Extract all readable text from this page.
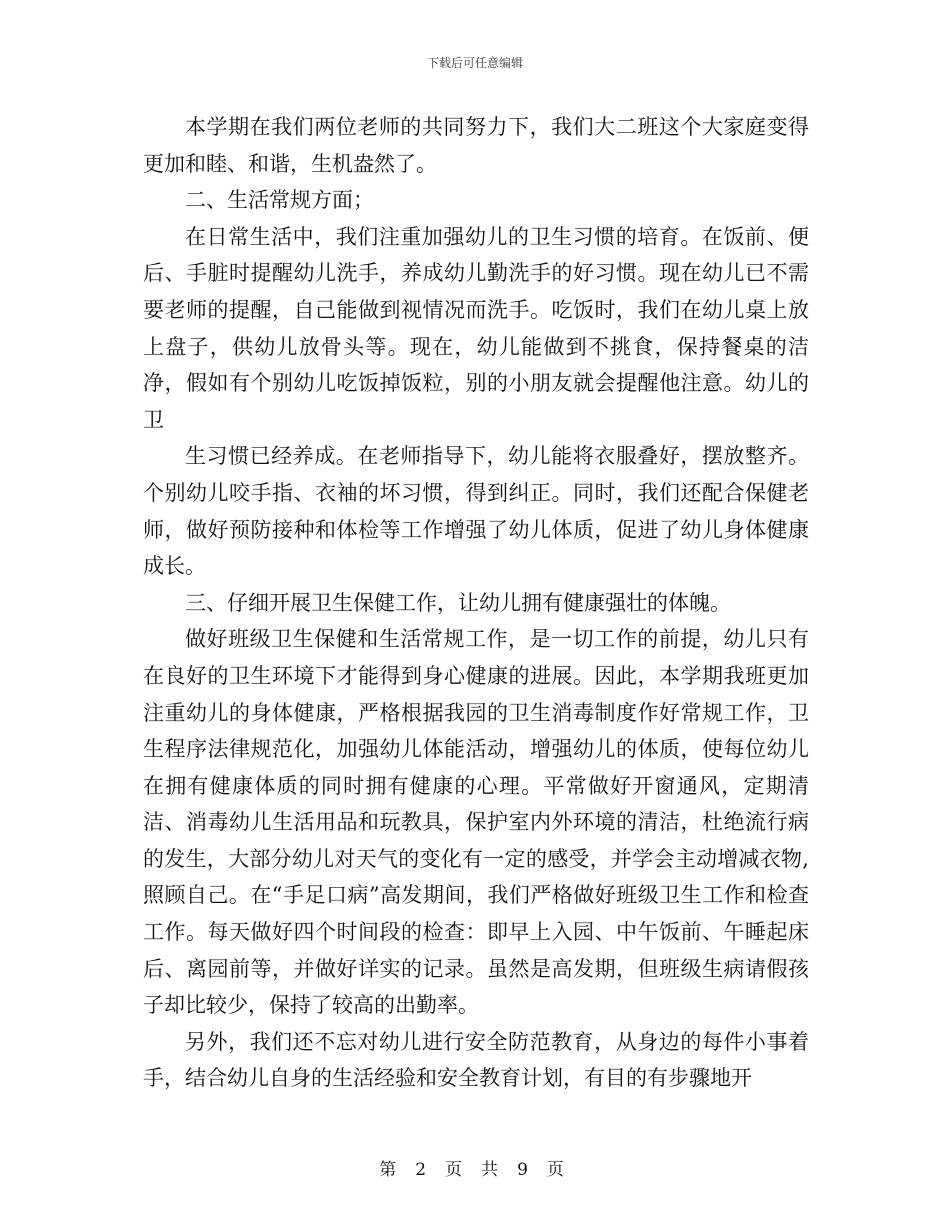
下载后可任意编辑

本学期在我们两位老师的共同努力下，我们大二班这个大家庭变得更加和睦、和谐，生机盎然了。

二、生活常规方面；

在日常生活中，我们注重加强幼儿的卫生习惯的培育。在饭前、便后、手脏时提醒幼儿洗手，养成幼儿勤洗手的好习惯。现在幼儿已不需要老师的提醒，自己能做到视情况而洗手。吃饭时，我们在幼儿桌上放上盘子，供幼儿放骨头等。现在，幼儿能做到不挑食，保持餐桌的洁净，假如有个别幼儿吃饭掉饭粒，别的小朋友就会提醒他注意。幼儿的卫

生习惯已经养成。在老师指导下，幼儿能将衣服叠好，摆放整齐。个别幼儿咬手指、衣袖的坏习惯，得到纠正。同时，我们还配合保健老师，做好预防接种和体检等工作增强了幼儿体质，促进了幼儿身体健康成长。

三、仔细开展卫生保健工作，让幼儿拥有健康强壮的体魄。

做好班级卫生保健和生活常规工作，是一切工作的前提，幼儿只有在良好的卫生环境下才能得到身心健康的进展。因此，本学期我班更加注重幼儿的身体健康，严格根据我园的卫生消毒制度作好常规工作，卫生程序法律规范化，加强幼儿体能活动，增强幼儿的体质，使每位幼儿在拥有健康体质的同时拥有健康的心理。平常做好开窗通风，定期清洁、消毒幼儿生活用品和玩教具，保护室内外环境的清洁，杜绝流行病的发生，大部分幼儿对天气的变化有一定的感受，并学会主动增减衣物,照顾自己。在“手足口病”高发期间，我们严格做好班级卫生工作和检查工作。每天做好四个时间段的检查：即早上入园、中午饭前、午睡起床后、离园前等，并做好详实的记录。虽然是高发期，但班级生病请假孩子却比较少，保持了较高的出勤率。

另外，我们还不忘对幼儿进行安全防范教育，从身边的每件小事着手，结合幼儿自身的生活经验和安全教育计划，有目的有步骤地开

第 2 页 共 9 页
